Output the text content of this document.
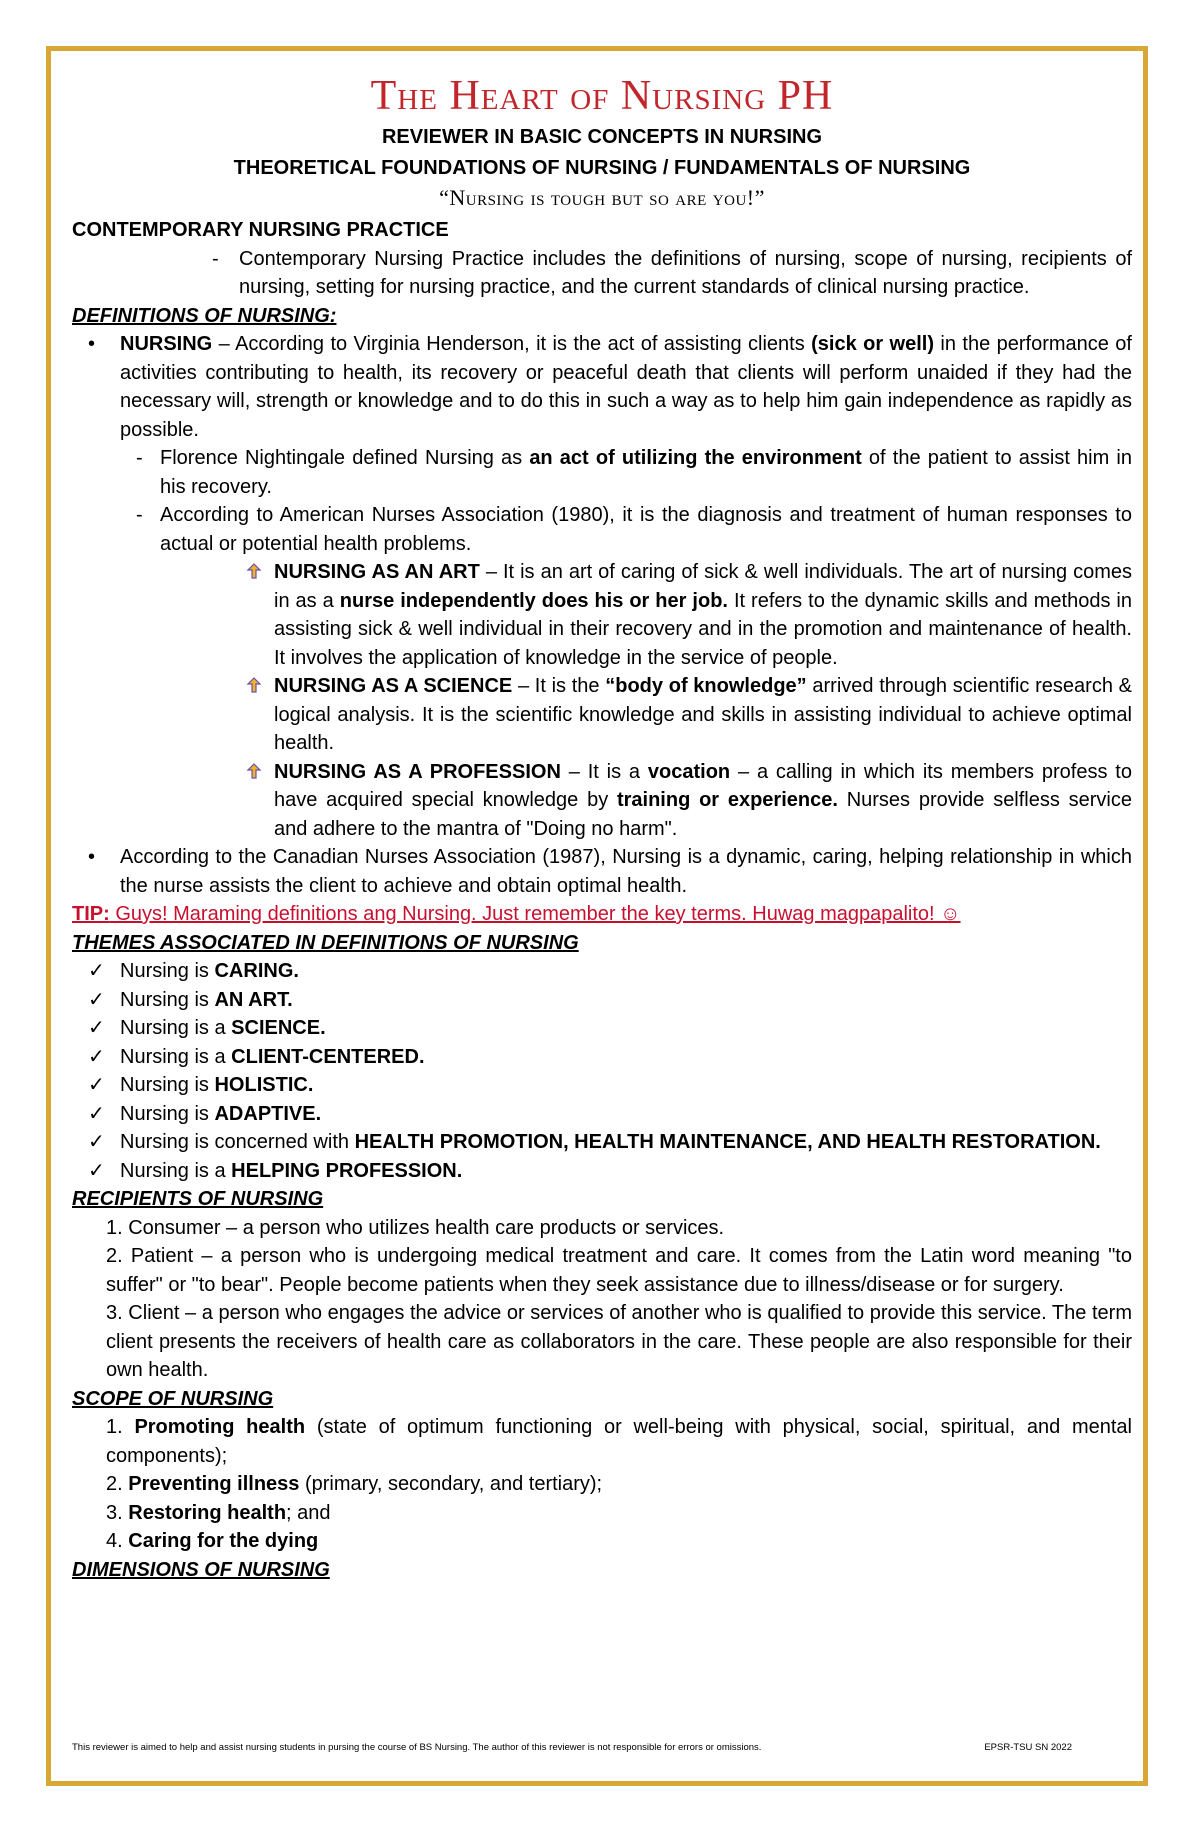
The Heart of Nursing PH

REVIEWER IN BASIC CONCEPTS IN NURSING

THEORETICAL FOUNDATIONS OF NURSING / FUNDAMENTALS OF NURSING

“Nursing is tough but so are you!”

CONTEMPORARY NURSING PRACTICE

-	Contemporary Nursing Practice includes the definitions of nursing, scope of nursing, recipients of nursing, setting for nursing practice, and the current standards of clinical nursing practice.

DEFINITIONS OF NURSING:

•	NURSING – According to Virginia Henderson, it is the act of assisting clients (sick or well) in the performance of activities contributing to health, its recovery or peaceful death that clients will perform unaided if they had the necessary will, strength or knowledge and to do this in such a way as to help him gain independence as rapidly as possible.
- Florence Nightingale defined Nursing as an act of utilizing the environment of the patient to assist him in his recovery.
- According to American Nurses Association (1980), it is the diagnosis and treatment of human responses to actual or potential health problems.
NURSING AS AN ART – It is an art of caring of sick & well individuals. The art of nursing comes in as a nurse independently does his or her job. It refers to the dynamic skills and methods in assisting sick & well individual in their recovery and in the promotion and maintenance of health. It involves the application of knowledge in the service of people.
NURSING AS A SCIENCE – It is the “body of knowledge” arrived through scientific research & logical analysis. It is the scientific knowledge and skills in assisting individual to achieve optimal health.
NURSING AS A PROFESSION – It is a vocation – a calling in which its members profess to have acquired special knowledge by training or experience. Nurses provide selfless service and adhere to the mantra of "Doing no harm".
•	According to the Canadian Nurses Association (1987), Nursing is a dynamic, caring, helping relationship in which the nurse assists the client to achieve and obtain optimal health.

TIP: Guys! Maraming definitions ang Nursing. Just remember the key terms. Huwag magpapalito! ☺

THEMES ASSOCIATED IN DEFINITIONS OF NURSING

✓ Nursing is CARING.
✓ Nursing is AN ART.
✓ Nursing is a SCIENCE.
✓ Nursing is a CLIENT-CENTERED.
✓ Nursing is HOLISTIC.
✓ Nursing is ADAPTIVE.
✓ Nursing is concerned with HEALTH PROMOTION, HEALTH MAINTENANCE, AND HEALTH RESTORATION.
✓ Nursing is a HELPING PROFESSION.

RECIPIENTS OF NURSING

1. Consumer – a person who utilizes health care products or services.

2. Patient – a person who is undergoing medical treatment and care. It comes from the Latin word meaning "to suffer" or "to bear". People become patients when they seek assistance due to illness/disease or for surgery.

3. Client – a person who engages the advice or services of another who is qualified to provide this service. The term client presents the receivers of health care as collaborators in the care. These people are also responsible for their own health.

SCOPE OF NURSING

1. Promoting health (state of optimum functioning or well-being with physical, social, spiritual, and mental components);

2. Preventing illness (primary, secondary, and tertiary);

3. Restoring health; and

4. Caring for the dying

DIMENSIONS OF NURSING

This reviewer is aimed to help and assist nursing students in pursing the course of BS Nursing. The author of this reviewer is not responsible for errors or omissions.	EPSR-TSU SN 2022
